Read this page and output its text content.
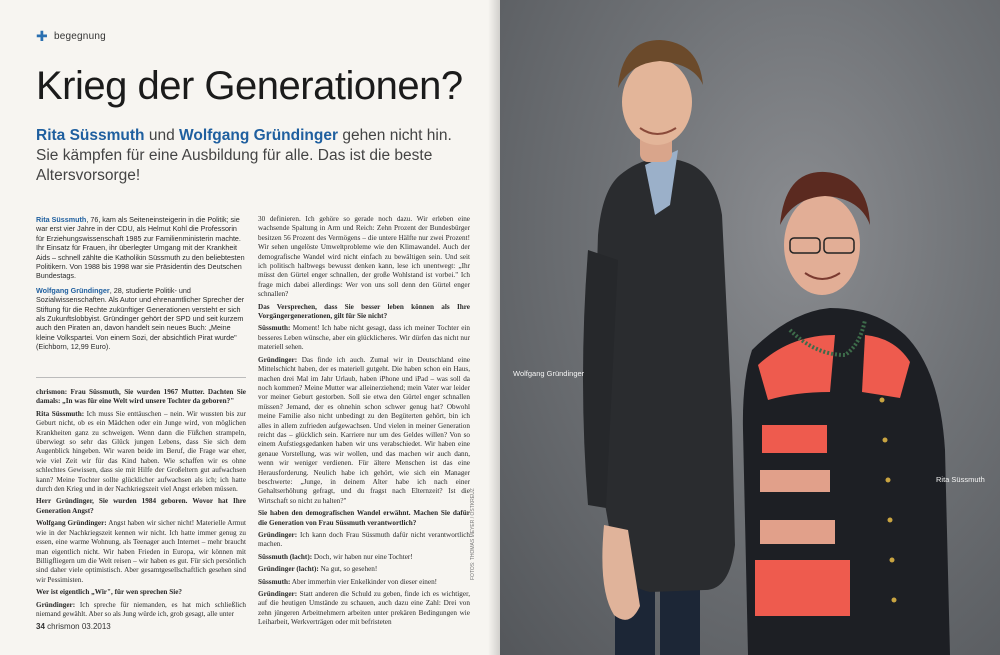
✚ begegnung
Krieg der Generationen?

Rita Süssmuth und Wolfgang Gründinger gehen nicht hin. Sie kämpfen für eine Ausbildung für alle. Das ist die beste Altersvorsorge!

Rita Süssmuth, 76, kam als Seiteneinsteigerin in die Politik; sie war erst vier Jahre in der CDU, als Helmut Kohl die Professorin für Erziehungswissenschaft 1985 zur Familienministerin machte. Ihr Einsatz für Frauen, ihr überlegter Umgang mit der Krankheit Aids – schnell zählte die Katholikin Süssmuth zu den beliebtesten Politikern. Von 1988 bis 1998 war sie Präsidentin des Deutschen Bundestags.

Wolfgang Gründinger, 28, studierte Politik- und Sozialwissenschaften. Als Autor und ehrenamtlicher Sprecher der Stiftung für die Rechte zukünftiger Generationen versteht er sich als Zukunftslobbyist. Gründinger gehört der SPD und seit kurzem auch den Piraten an, davon handelt sein neues Buch: „Meine kleine Volkspartei. Von einem Sozi, der absichtlich Pirat wurde" (Eichborn, 12,99 Euro).

chrismon: Frau Süssmuth, Sie wurden 1967 Mutter. Dachten Sie damals: „In was für eine Welt wird unsere Tochter da geboren?"

Rita Süssmuth: Ich muss Sie enttäuschen – nein. Wir wussten bis zur Geburt nicht, ob es ein Mädchen oder ein Junge wird, von möglichen Krankheiten ganz zu schweigen. Wenn dann die Füßchen strampeln, überwiegt so sehr das Glück jungen Lebens, dass Sie sich dem Augenblick hingeben. Wir waren beide im Beruf, die Frage war eher, wie viel Zeit wir für das Kind haben. Wie schaffen wir es ohne schlechtes Gewissen, dass sie mit Hilfe der Großeltern gut aufwachsen kann? Meine Tochter sollte glücklicher aufwachsen als ich; ich hatte durch den Krieg und in der Nachkriegszeit viel Angst erleben müssen.

Herr Gründinger, Sie wurden 1984 geboren. Wovor hat Ihre Generation Angst?

Wolfgang Gründinger: Angst haben wir sicher nicht! Materielle Armut wie in der Nachkriegszeit kennen wir nicht. Ich hatte immer genug zu essen, eine warme Wohnung, als Teenager auch Internet – mehr braucht man eigentlich nicht. Wir haben Frieden in Europa, wir können mit Billigfliegern um die Welt reisen – wir haben es gut. Für sich persönlich sind daher viele optimistisch. Aber gesamtgesellschaftlich gesehen sind wir Pessimisten.

Wer ist eigentlich „Wir", für wen sprechen Sie?

Gründinger: Ich spreche für niemanden, es hat mich schließlich niemand gewählt. Aber so als Jung würde ich, grob gesagt, alle unter

30 definieren. Ich gehöre so gerade noch dazu. Wir erleben eine wachsende Spaltung in Arm und Reich: Zehn Prozent der Bundesbürger besitzen 56 Prozent des Vermögens – die untere Hälfte nur zwei Prozent! Wir sehen ungelöste Umweltprobleme wie den Klimawandel. Auch der demografische Wandel wird nicht einfach zu bewältigen sein. Und seit ich politisch halbwegs bewusst denken kann, lese ich unentwegt: „Ihr müsst den Gürtel enger schnallen, der große Wohlstand ist vorbei." Ich frage mich dabei allerdings: Wer von uns soll denn den Gürtel enger schnallen?

Das Versprechen, dass Sie besser leben können als Ihre Vorgängergenerationen, gilt für Sie nicht?

Süssmuth: Moment! Ich habe nicht gesagt, dass ich meiner Tochter ein besseres Leben wünsche, aber ein glücklicheres. Wir dürfen das nicht nur materiell sehen.

Gründinger: Das finde ich auch. Zumal wir in Deutschland eine Mittelschicht haben, der es materiell gutgeht. Die haben schon ein Haus, machen drei Mal im Jahr Urlaub, haben iPhone und iPad – was soll da noch kommen? Meine Mutter war alleinerziehend; mein Vater war leider vor meiner Geburt gestorben. Soll sie etwa den Gürtel enger schnallen müssen? Jemand, der es ohnehin schon schwer genug hat? Obwohl meine Familie also nicht unbedingt zu den Begüterten gehört, bin ich alles in allem zufrieden aufgewachsen. Und vielen in meiner Generation reicht das – glücklich sein. Karriere nur um des Geldes willen? Von so einem Aufstiegsgedanken haben wir uns verabschiedet. Wir haben eine genaue Vorstellung, was wir wollen, und das machen wir auch dann, wenn wir weniger verdienen. Für ältere Menschen ist das eine Herausforderung. Neulich habe ich gehört, wie sich ein Manager beschwerte: „Junge, in deinem Alter habe ich nach einer Gehaltserhöhung gefragt, und du fragst nach Elternzeit? Ist die Wirtschaft so nicht zu halten?"

Sie haben den demografischen Wandel erwähnt. Machen Sie dafür die Generation von Frau Süssmuth verantwortlich?

Gründinger: Ich kann doch Frau Süssmuth dafür nicht verantwortlich machen.

Süssmuth (lacht): Doch, wir haben nur eine Tochter!

Gründinger (lacht): Na gut, so gesehen!

Süssmuth: Aber immerhin vier Enkelkinder von dieser einen!

Gründinger: Statt anderen die Schuld zu geben, finde ich es wichtiger, auf die heutigen Umstände zu schauen, auch dazu eine Zahl: Drei von zehn jüngeren Arbeitnehmern arbeiten unter prekären Bedingungen wie Leiharbeit, Werkverträgen oder mit befristeten

34 chrismon 03.2013
FOTOS: THOMAS MEYER / OSTKREUZ
Wolfgang Gründinger
Rita Süssmuth
